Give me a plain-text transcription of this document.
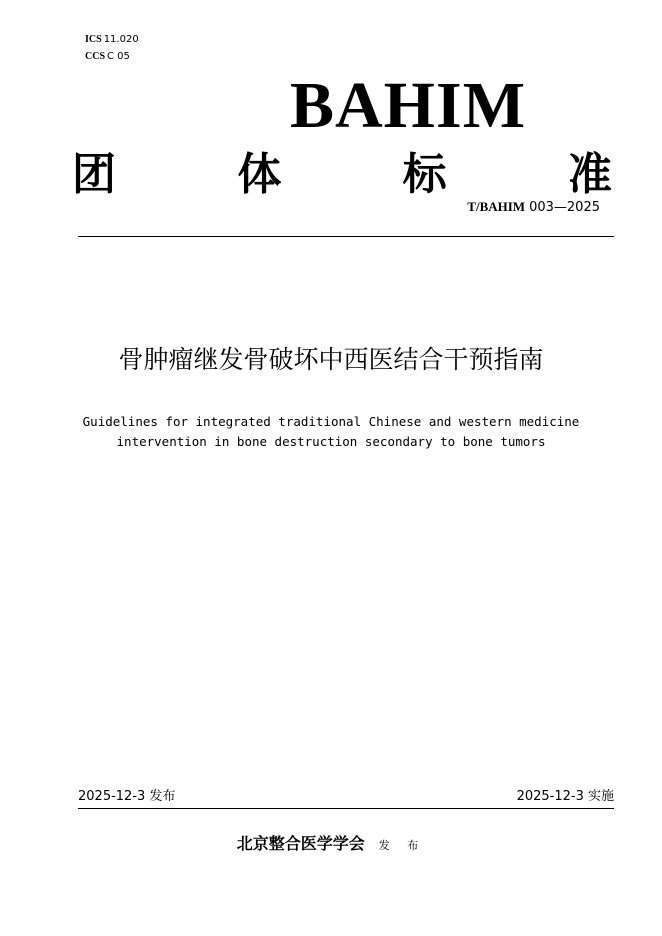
ICS 11.020
CCS C 05
BAHIM
团	体	标	准
T/BAHIM 003—2025
骨肿瘤继发骨破坏中西医结合干预指南
Guidelines for integrated traditional Chinese and western medicine
intervention in bone destruction secondary to bone tumors
2025-12-3 发布	2025-12-3 实施
北京整合医学学会 发 布
